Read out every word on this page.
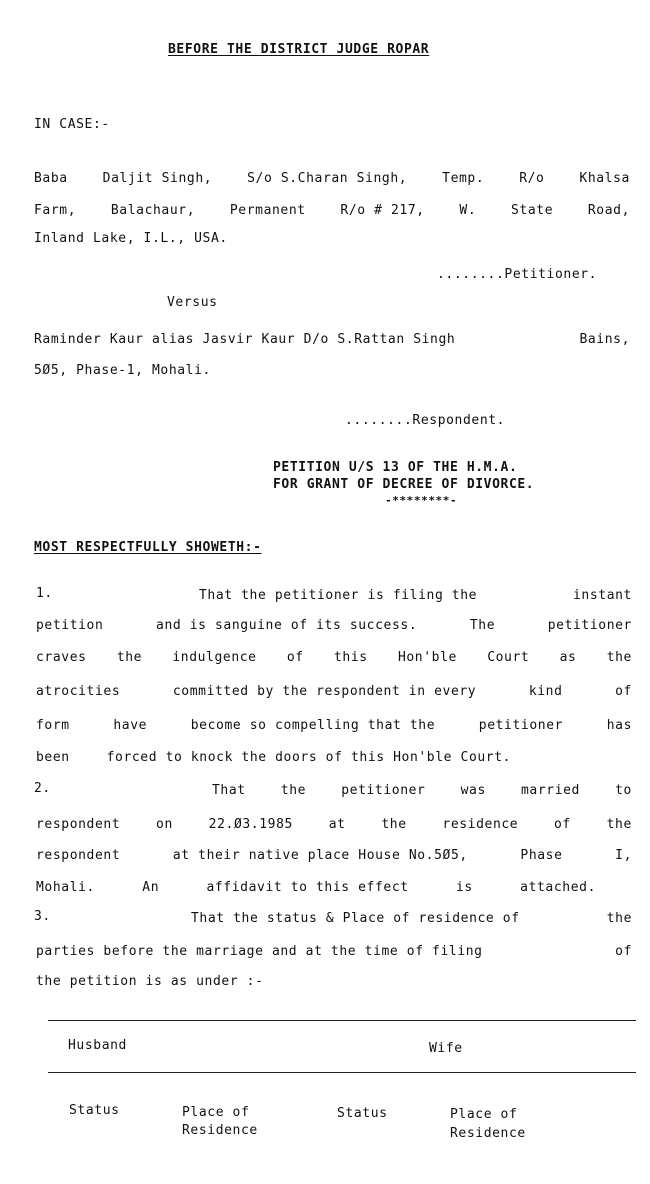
BEFORE THE DISTRICT JUDGE ROPAR
IN CASE:-
Baba	Daljit Singh,	S/o S.Charan Singh,	Temp.	R/o	Khalsa
Farm,	Balachaur,	Permanent	R/o # 217,	W.	State	Road,
Inland Lake, I.L., USA.
........Petitioner.
Versus
Raminder Kaur alias Jasvir Kaur D/o S.Rattan Singh	Bains,
5Ø5, Phase-1, Mohali.
........Respondent.
PETITION U/S 13 OF THE H.M.A.
FOR GRANT OF DECREE OF DIVORCE.
-********-
MOST RESPECTFULLY SHOWETH:-
1.	That the petitioner is filing the	instant
petition	and is sanguine of its success.	The	petitioner
craves the indulgence of this Hon'ble Court as the
atrocities	committed by the respondent in every	kind	of
form	have	become so compelling that the	petitioner	has
been	forced to knock the doors of this Hon'ble Court.
2.	That	the	petitioner	was	married	to
respondent	on	22.Ø3.1985	at	the	residence	of	the
respondent	at their native place House No.5Ø5,	Phase	I,
Mohali.	An	affidavit to this effect	is	attached.
3.	That the status & Place of residence of	the
parties before the marriage and at the time of filing	of
the petition is as under :-
Husband	Wife
Status	Place of
Residence
Status	Place of
Residence
